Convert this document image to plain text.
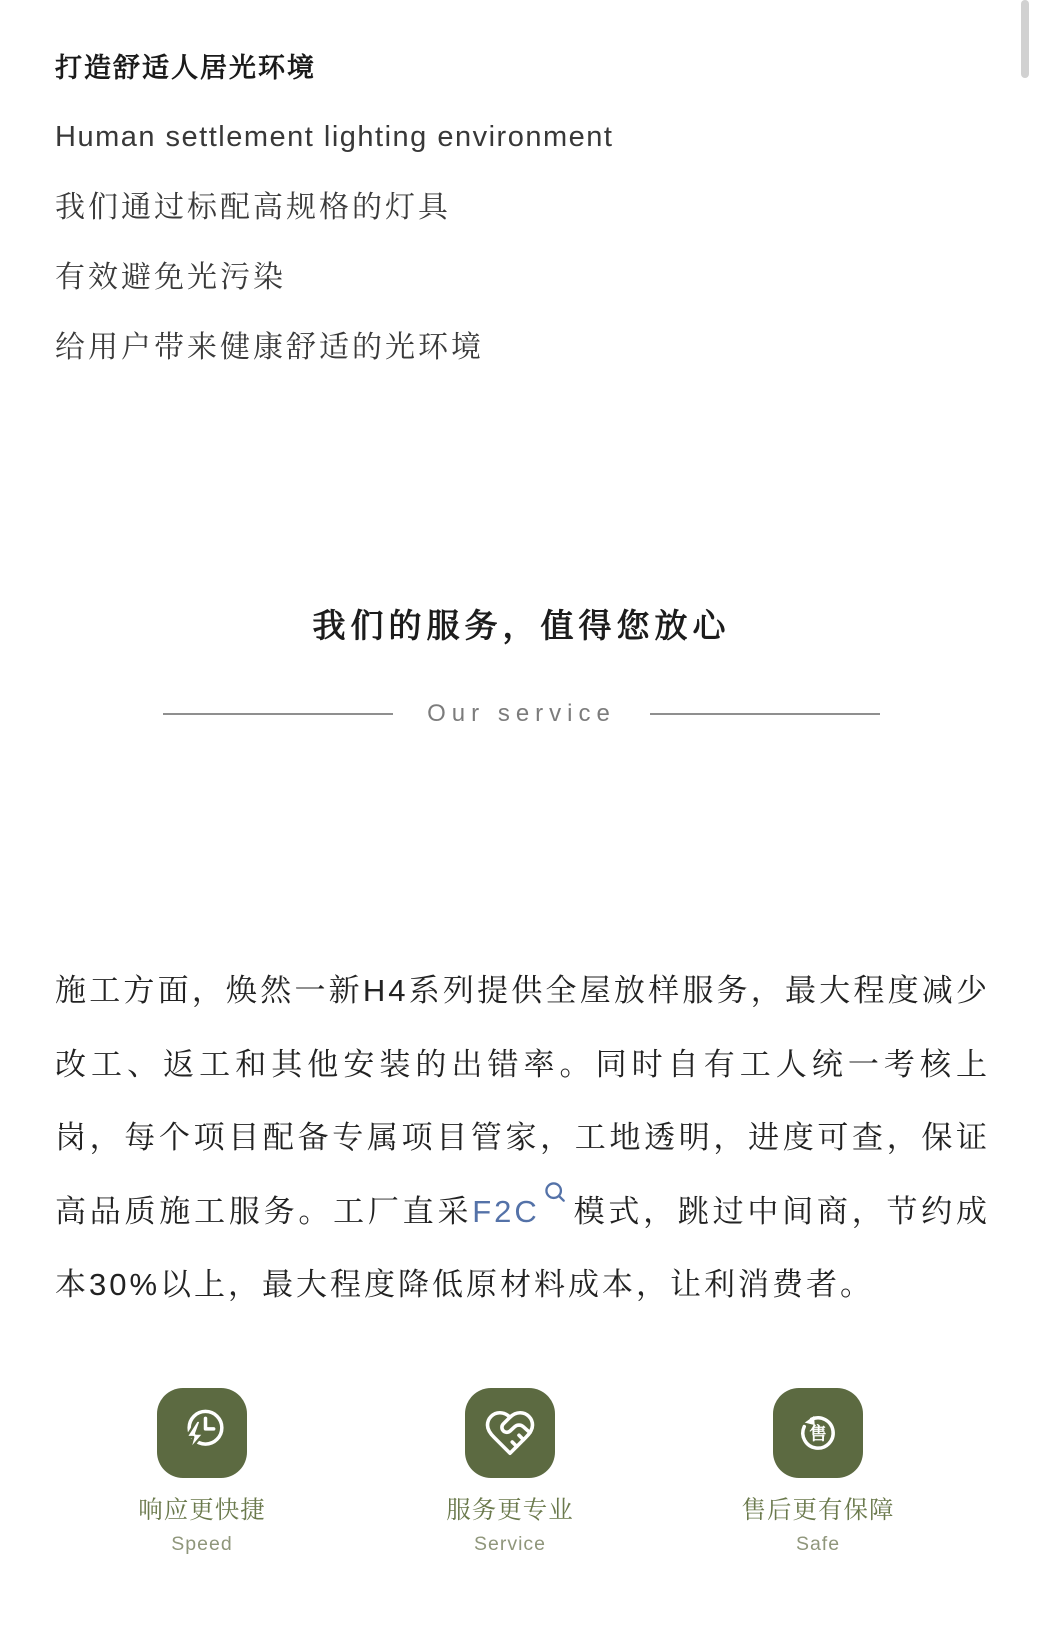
打造舒适人居光环境
Human settlement lighting environment
我们通过标配高规格的灯具
有效避免光污染
给用户带来健康舒适的光环境
我们的服务，值得您放心
Our service

施工方面，焕然一新H4系列提供全屋放样服务，最大程度减少改工、返工和其他安装的出错率。同时自有工人统一考核上岗，每个项目配备专属项目管家，工地透明，进度可查，保证高品质施工服务。工厂直采F2C 模式，跳过中间商，节约成本30%以上，最大程度降低原材料成本，让利消费者。

响应更快捷
Speed
服务更专业
Service
售
售后更有保障
Safe
